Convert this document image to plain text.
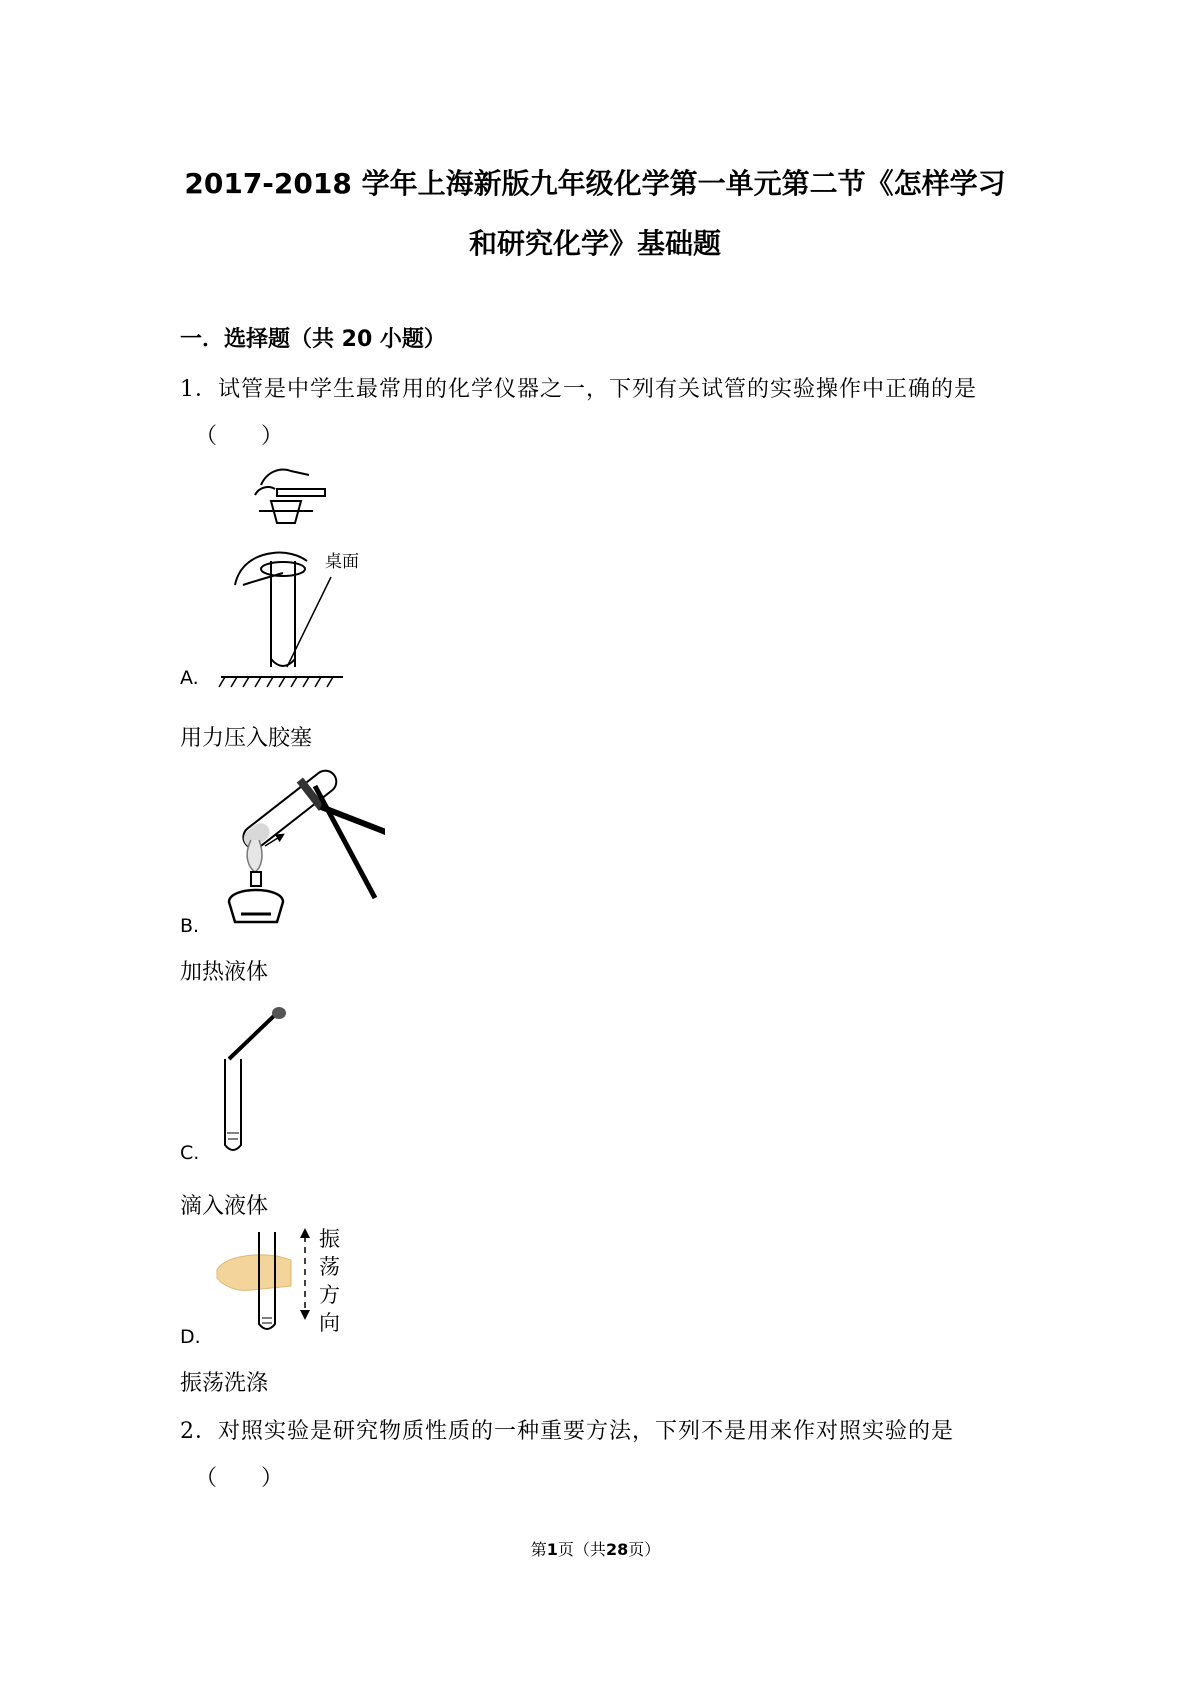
2017-2018 学年上海新版九年级化学第一单元第二节《怎样学习
和研究化学》基础题
一．选择题（共 20 小题）
1．试管是中学生最常用的化学仪器之一，下列有关试管的实验操作中正确的是
（　　）
桌面
A.
用力压入胶塞
B.
加热液体
C.
滴入液体
振
荡
方
向
D.
振荡洗涤
2．对照实验是研究物质性质的一种重要方法，下列不是用来作对照实验的是
（　　）
第1页（共28页）
